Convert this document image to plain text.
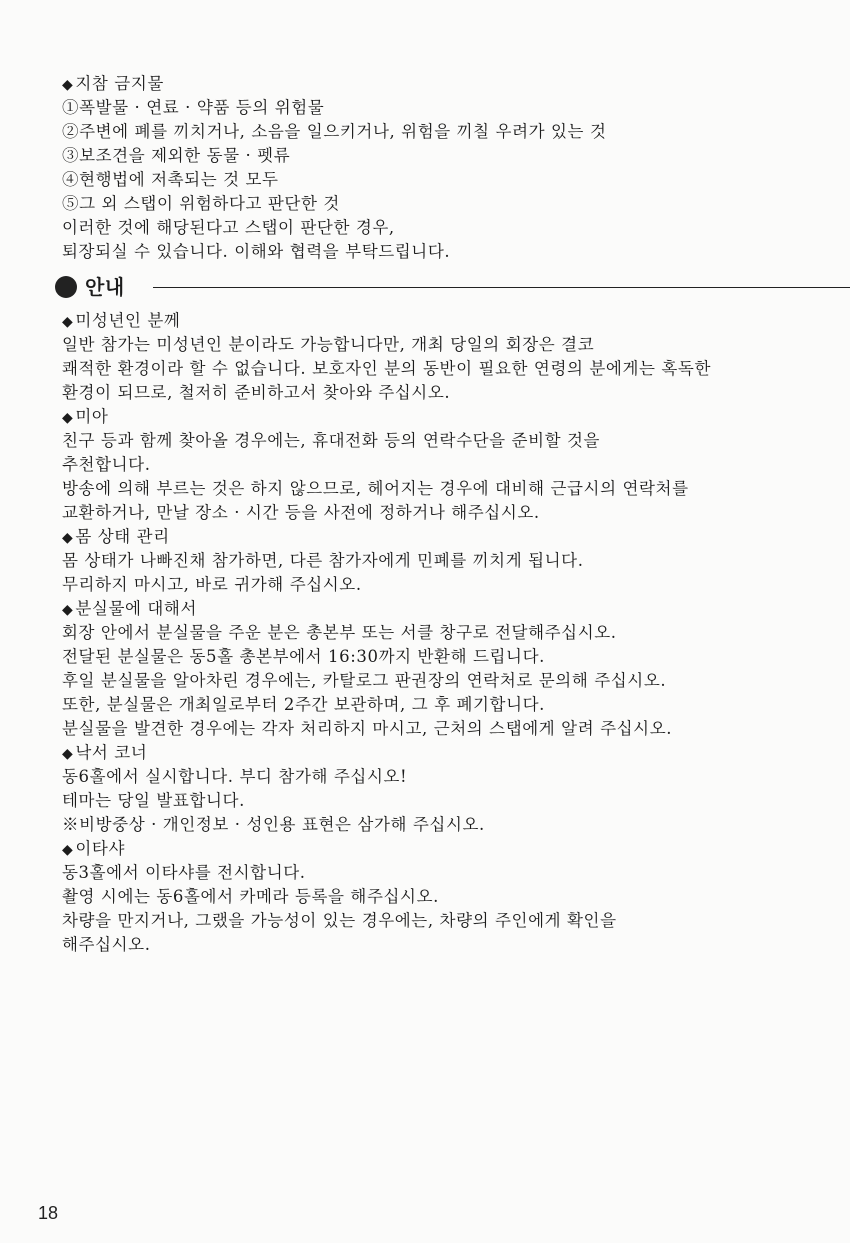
◆ 지참 금지물
①폭발물 · 연료 · 약품 등의 위험물
②주변에 폐를 끼치거나, 소음을 일으키거나, 위험을 끼칠 우려가 있는 것
③보조견을 제외한 동물 · 펫류
④현행법에 저촉되는 것 모두
⑤그 외 스탭이 위험하다고 판단한 것
이러한 것에 해당된다고 스탭이 판단한 경우,
퇴장되실 수 있습니다. 이해와 협력을 부탁드립니다.
안내
◆ 미성년인 분께
일반 참가는 미성년인 분이라도 가능합니다만, 개최 당일의 회장은 결코
쾌적한 환경이라 할 수 없습니다. 보호자인 분의 동반이 필요한 연령의 분에게는 혹독한
환경이 되므로, 철저히 준비하고서 찾아와 주십시오.
◆ 미아
친구 등과 함께 찾아올 경우에는, 휴대전화 등의 연락수단을 준비할 것을
추천합니다.
방송에 의해 부르는 것은 하지 않으므로, 헤어지는 경우에 대비해 근급시의 연락처를
교환하거나, 만날 장소 · 시간 등을 사전에 정하거나 해주십시오.
◆ 몸 상태 관리
몸 상태가 나빠진채 참가하면, 다른 참가자에게 민폐를 끼치게 됩니다.
무리하지 마시고, 바로 귀가해 주십시오.
◆ 분실물에 대해서
회장 안에서 분실물을 주운 분은 총본부 또는 서클 창구로 전달해주십시오.
전달된 분실물은 동5홀 총본부에서 16:30까지 반환해 드립니다.
후일 분실물을 알아차린 경우에는, 카탈로그 판권장의 연락처로 문의해 주십시오.
또한, 분실물은 개최일로부터 2주간 보관하며, 그 후 폐기합니다.
분실물을 발견한 경우에는 각자 처리하지 마시고, 근처의 스탭에게 알려 주십시오.
◆ 낙서 코너
동6홀에서 실시합니다. 부디 참가해 주십시오!
테마는 당일 발표합니다.
※비방중상 · 개인정보 · 성인용 표현은 삼가해 주십시오.
◆ 이타샤
동3홀에서 이타샤를 전시합니다.
촬영 시에는 동6홀에서 카메라 등록을 해주십시오.
차량을 만지거나, 그랬을 가능성이 있는 경우에는, 차량의 주인에게 확인을
해주십시오.
18
